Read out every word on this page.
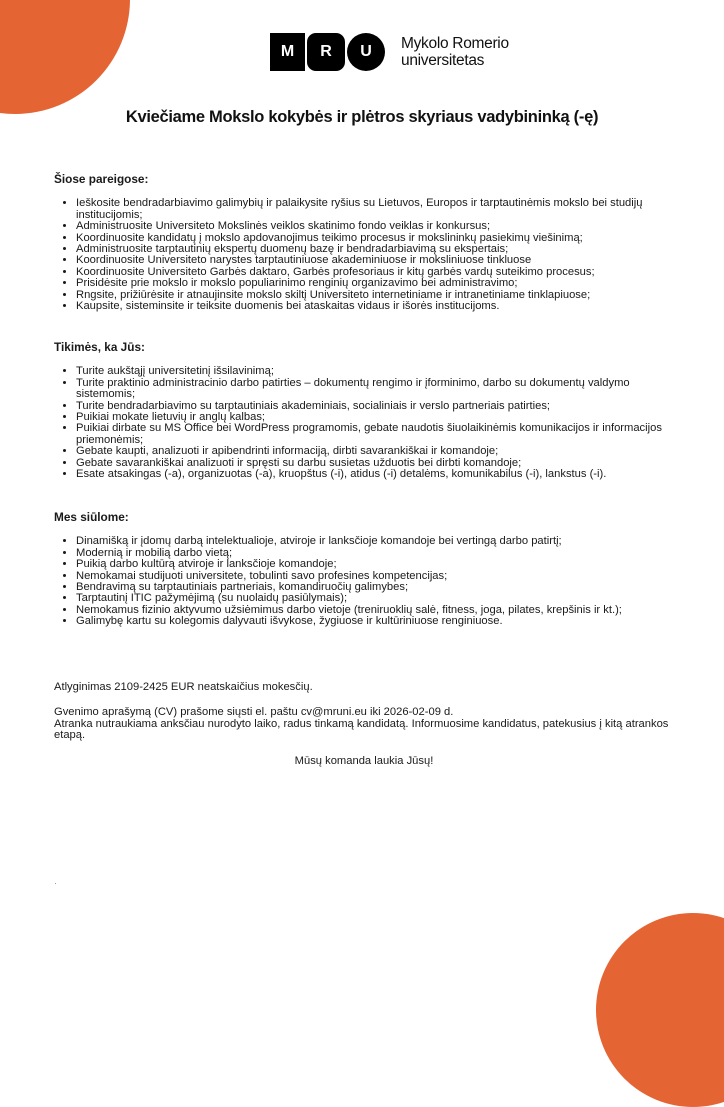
M	R	U	Mykolo Romerio
universitetas
Kviečiame Mokslo kokybės ir plėtros skyriaus vadybininką (-ę)

Šiose pareigose:

• Ieškosite bendradarbiavimo galimybių ir palaikysite ryšius su Lietuvos, Europos ir tarptautinėmis mokslo bei studijų institucijomis;
• Administruosite Universiteto Mokslinės veiklos skatinimo fondo veiklas ir konkursus;
• Koordinuosite kandidatų į mokslo apdovanojimus teikimo procesus ir mokslininkų pasiekimų viešinimą;
• Administruosite tarptautinių ekspertų duomenų bazę ir bendradarbiavimą su ekspertais;
• Koordinuosite Universiteto narystes tarptautiniuose akademiniuose ir moksliniuose tinkluose
• Koordinuosite Universiteto Garbės daktaro, Garbės profesoriaus ir kitų garbės vardų suteikimo procesus;
• Prisidėsite prie mokslo ir mokslo populiarinimo renginių organizavimo bei administravimo;
• Rngsite, prižiūrėsite ir atnaujinsite mokslo skiltį Universiteto internetiniame ir intranetiniame tinklapiuose;
• Kaupsite, sisteminsite ir teiksite duomenis bei ataskaitas vidaus ir išorės institucijoms.

Tikimės, ka Jūs:

• Turite aukštąjį universitetinį išsilavinimą;
• Turite praktinio administracinio darbo patirties – dokumentų rengimo ir įforminimo, darbo su dokumentų valdymo sistemomis;
• Turite bendradarbiavimo su tarptautiniais akademiniais, socialiniais ir verslo partneriais patirties;
• Puikiai mokate lietuvių ir anglų kalbas;
• Puikiai dirbate su MS Office bei WordPress programomis, gebate naudotis šiuolaikinėmis komunikacijos ir informacijos priemonėmis;
• Gebate kaupti, analizuoti ir apibendrinti informaciją, dirbti savarankiškai ir komandoje;
• Gebate savarankiškai analizuoti ir spręsti su darbu susietas užduotis bei dirbti komandoje;
• Esate atsakingas (-a), organizuotas (-a), kruopštus (-i), atidus (-i) detalėms, komunikabilus (-i), lankstus (-i).

Mes siūlome:

• Dinamišką ir įdomų darbą intelektualioje, atviroje ir lanksčioje komandoje bei vertingą darbo patirtį;
• Modernią ir mobilią darbo vietą;
• Puikią darbo kultūrą atviroje ir lanksčioje komandoje;
• Nemokamai studijuoti universitete, tobulinti savo profesines kompetencijas;
• Bendravimą su tarptautiniais partneriais, komandiruočių galimybes;
• Tarptautinį ITIC pažymėjimą (su nuolaidų pasiūlymais);
• Nemokamus fizinio aktyvumo užsiėmimus darbo vietoje (treniruoklių salė, fitness, joga, pilates, krepšinis ir kt.);
• Galimybę kartu su kolegomis dalyvauti išvykose, žygiuose ir kultūriniuose renginiuose.

Atlyginimas 2109-2425 EUR neatskaičius mokesčių.

Gvenimo aprašymą (CV) prašome siųsti el. paštu cv@mruni.eu iki 2026-02-09 d.

Atranka nutraukiama anksčiau nurodyto laiko, radus tinkamą kandidatą. Informuosime kandidatus, patekusius į kitą atrankos etapą.

Mūsų komanda laukia Jūsų!
